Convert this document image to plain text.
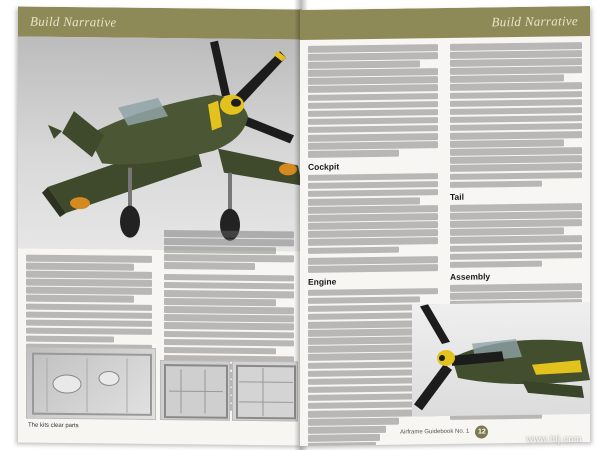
Build Narrative
The kits clear parts
Build Narrative
Cockpit
Engine
Tail
Assembly
Airframe Guidebook No. 1 12
www.hlj.com
